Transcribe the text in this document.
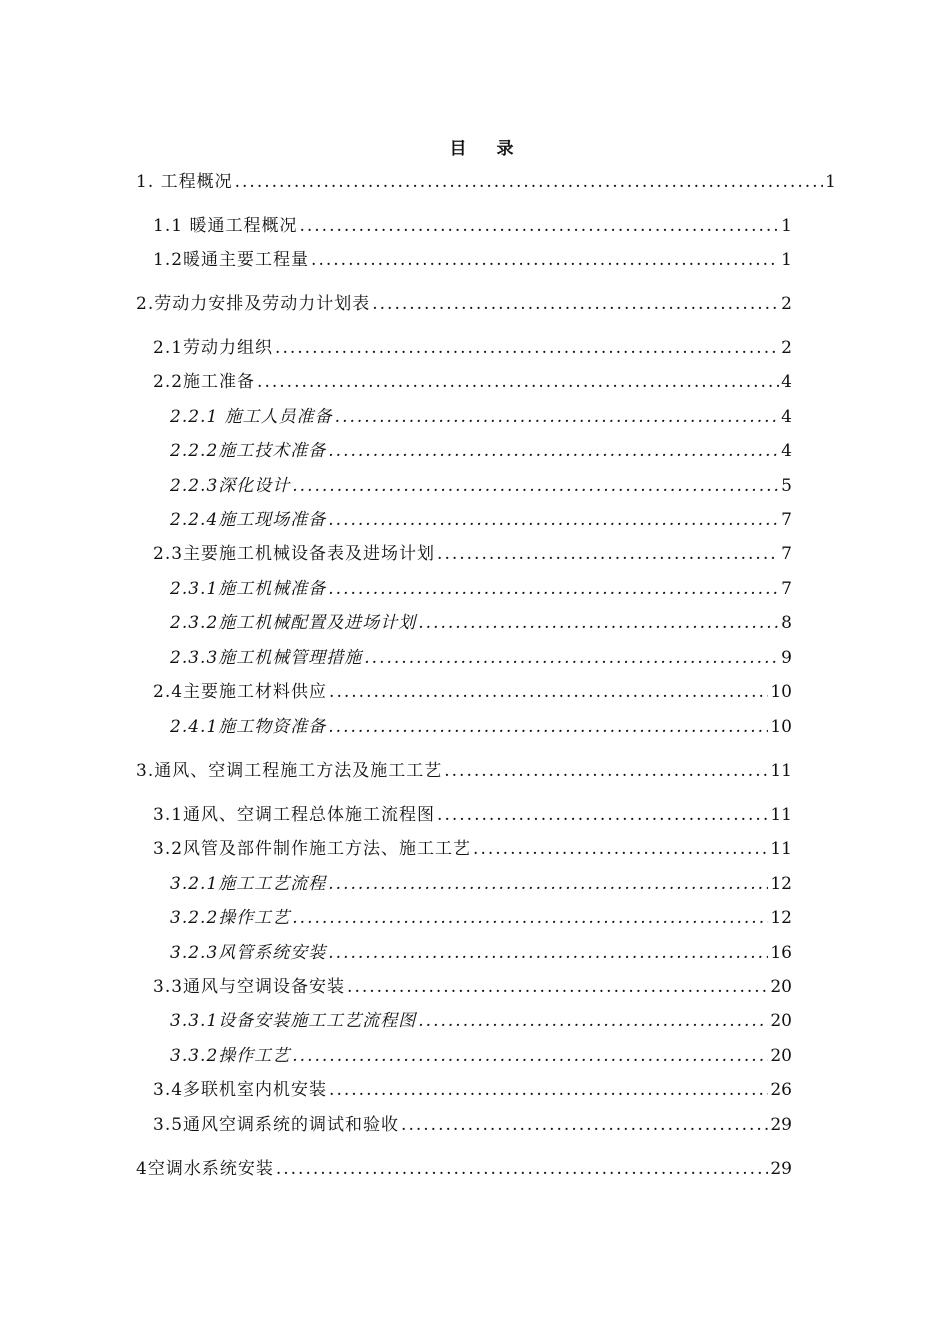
目 录
1. 工程概况 .....	1
1.1 暖通工程概况 .....	1
1.2暖通主要工程量 .....	1
2.劳动力安排及劳动力计划表 .....	2
2.1劳动力组织 .....	2
2.2施工准备 .....	4
2.2.1 施工人员准备 .....	4
2.2.2施工技术准备 .....	4
2.2.3深化设计 .....	5
2.2.4施工现场准备 .....	7
2.3主要施工机械设备表及进场计划 .....	7
2.3.1施工机械准备 .....	7
2.3.2施工机械配置及进场计划 .....	8
2.3.3施工机械管理措施 .....	9
2.4主要施工材料供应 .....	10
2.4.1施工物资准备 .....	10
3.通风、空调工程施工方法及施工工艺 .....	11
3.1通风、空调工程总体施工流程图 .....	11
3.2风管及部件制作施工方法、施工工艺 .....	11
3.2.1施工工艺流程 .....	12
3.2.2操作工艺 .....	12
3.2.3风管系统安装 .....	16
3.3通风与空调设备安装 .....	20
3.3.1设备安装施工工艺流程图 .....	20
3.3.2操作工艺 .....	20
3.4多联机室内机安装 .....	26
3.5通风空调系统的调试和验收 .....	29
4空调水系统安装 .....	29
